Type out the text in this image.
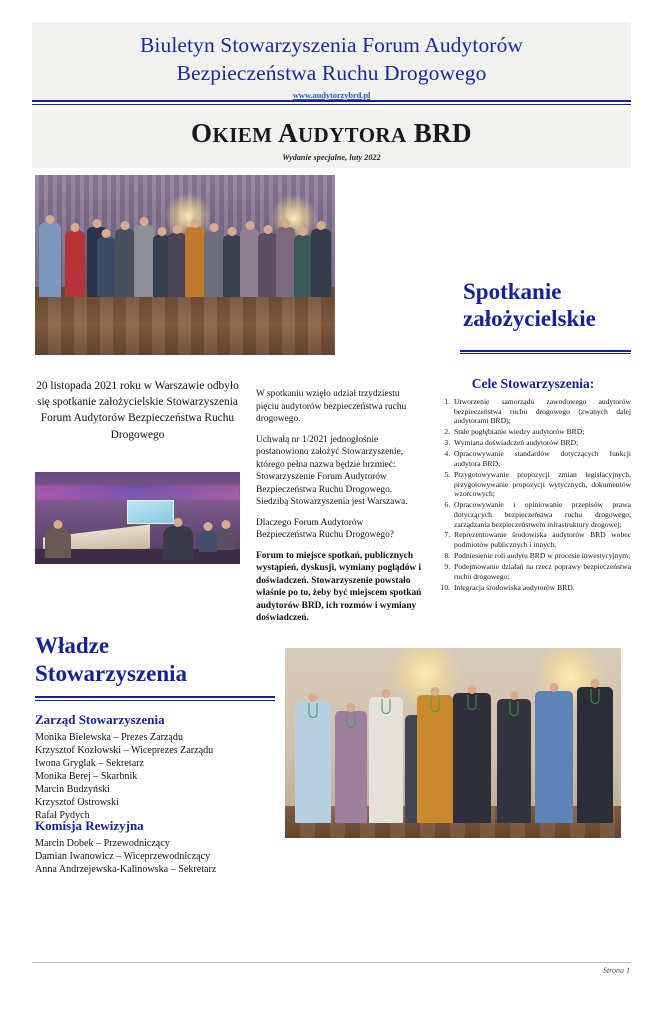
Biuletyn Stowarzyszenia Forum Audytorów
Bezpieczeństwa Ruchu Drogowego
www.audytorzybrd.pl
OKIEM AUDYTORA BRD
Wydanie specjalne, luty 2022
Spotkanie
założycielskie

20 listopada 2021 roku w Warszawie odbyło się spotkanie założycielskie Stowarzyszenia Forum Audytorów Bezpieczeństwa Ruchu Drogowego

W spotkaniu wzięło udział trzydziestu pięciu audytorów bezpieczeństwa ruchu drogowego.

Uchwałą nr 1/2021 jednogłośnie postanowiono założyć Stowarzyszenie, którego pełna nazwa będzie brzmieć: Stowarzyszenie Forum Audytorów Bezpieczeństwa Ruchu Drogowego. Siedzibą Stowarzyszenia jest Warszawa.

Dlaczego Forum Audytorów Bezpieczeństwa Ruchu Drogowego?

Forum to miejsce spotkań, publicznych wystąpień, dyskusji, wymiany poglądów i doświadczeń. Stowarzyszenie powstało właśnie po to, żeby być miejscem spotkań audytorów BRD, ich rozmów i wymiany doświadczeń.

Cele Stowarzyszenia:
1. Utworzenie samorządu zawodowego audytorów bezpieczeństwa ruchu drogowego (zwanych dalej audytorami BRD);
2. Stałe pogłębianie wiedzy audytorów BRD;
3. Wymiana doświadczeń audytorów BRD;
4. Opracowywanie standardów dotyczących funkcji audytora BRD;
5. Przygotowywanie propozycji zmian legislacyjnych, przygotowywanie propozycji wytycznych, dokumentów wzorcowych;
6. Opracowywanie i opiniowanie przepisów prawa dotyczących bezpieczeństwa ruchu drogowego, zarządzania bezpieczeństwem infrastruktury drogowej;
7. Reprezentowanie środowiska audytorów BRD wobec podmiotów publicznych i innych;
8. Podniesienie roli audytu BRD w procesie inwestycyjnym;
9. Podejmowanie działań na rzecz poprawy bezpieczeństwa ruchu drogowego;
10. Integracja środowiska audytorów BRD.
Władze
Stowarzyszenia
Zarząd Stowarzyszenia
Monika Bielewska – Prezes Zarządu
Krzysztof Kozłowski – Wiceprezes Zarządu
Iwona Gryglak – Sekretarz
Monika Berej – Skarbnik
Marcin Budzyński
Krzysztof Ostrowski
Rafał Pydych
Komisja Rewizyjna
Marcin Dobek – Przewodniczący
Damian Iwanowicz – Wiceprzewodniczący
Anna Andrzejewska-Kalinowska – Sekretarz
Strona 1
